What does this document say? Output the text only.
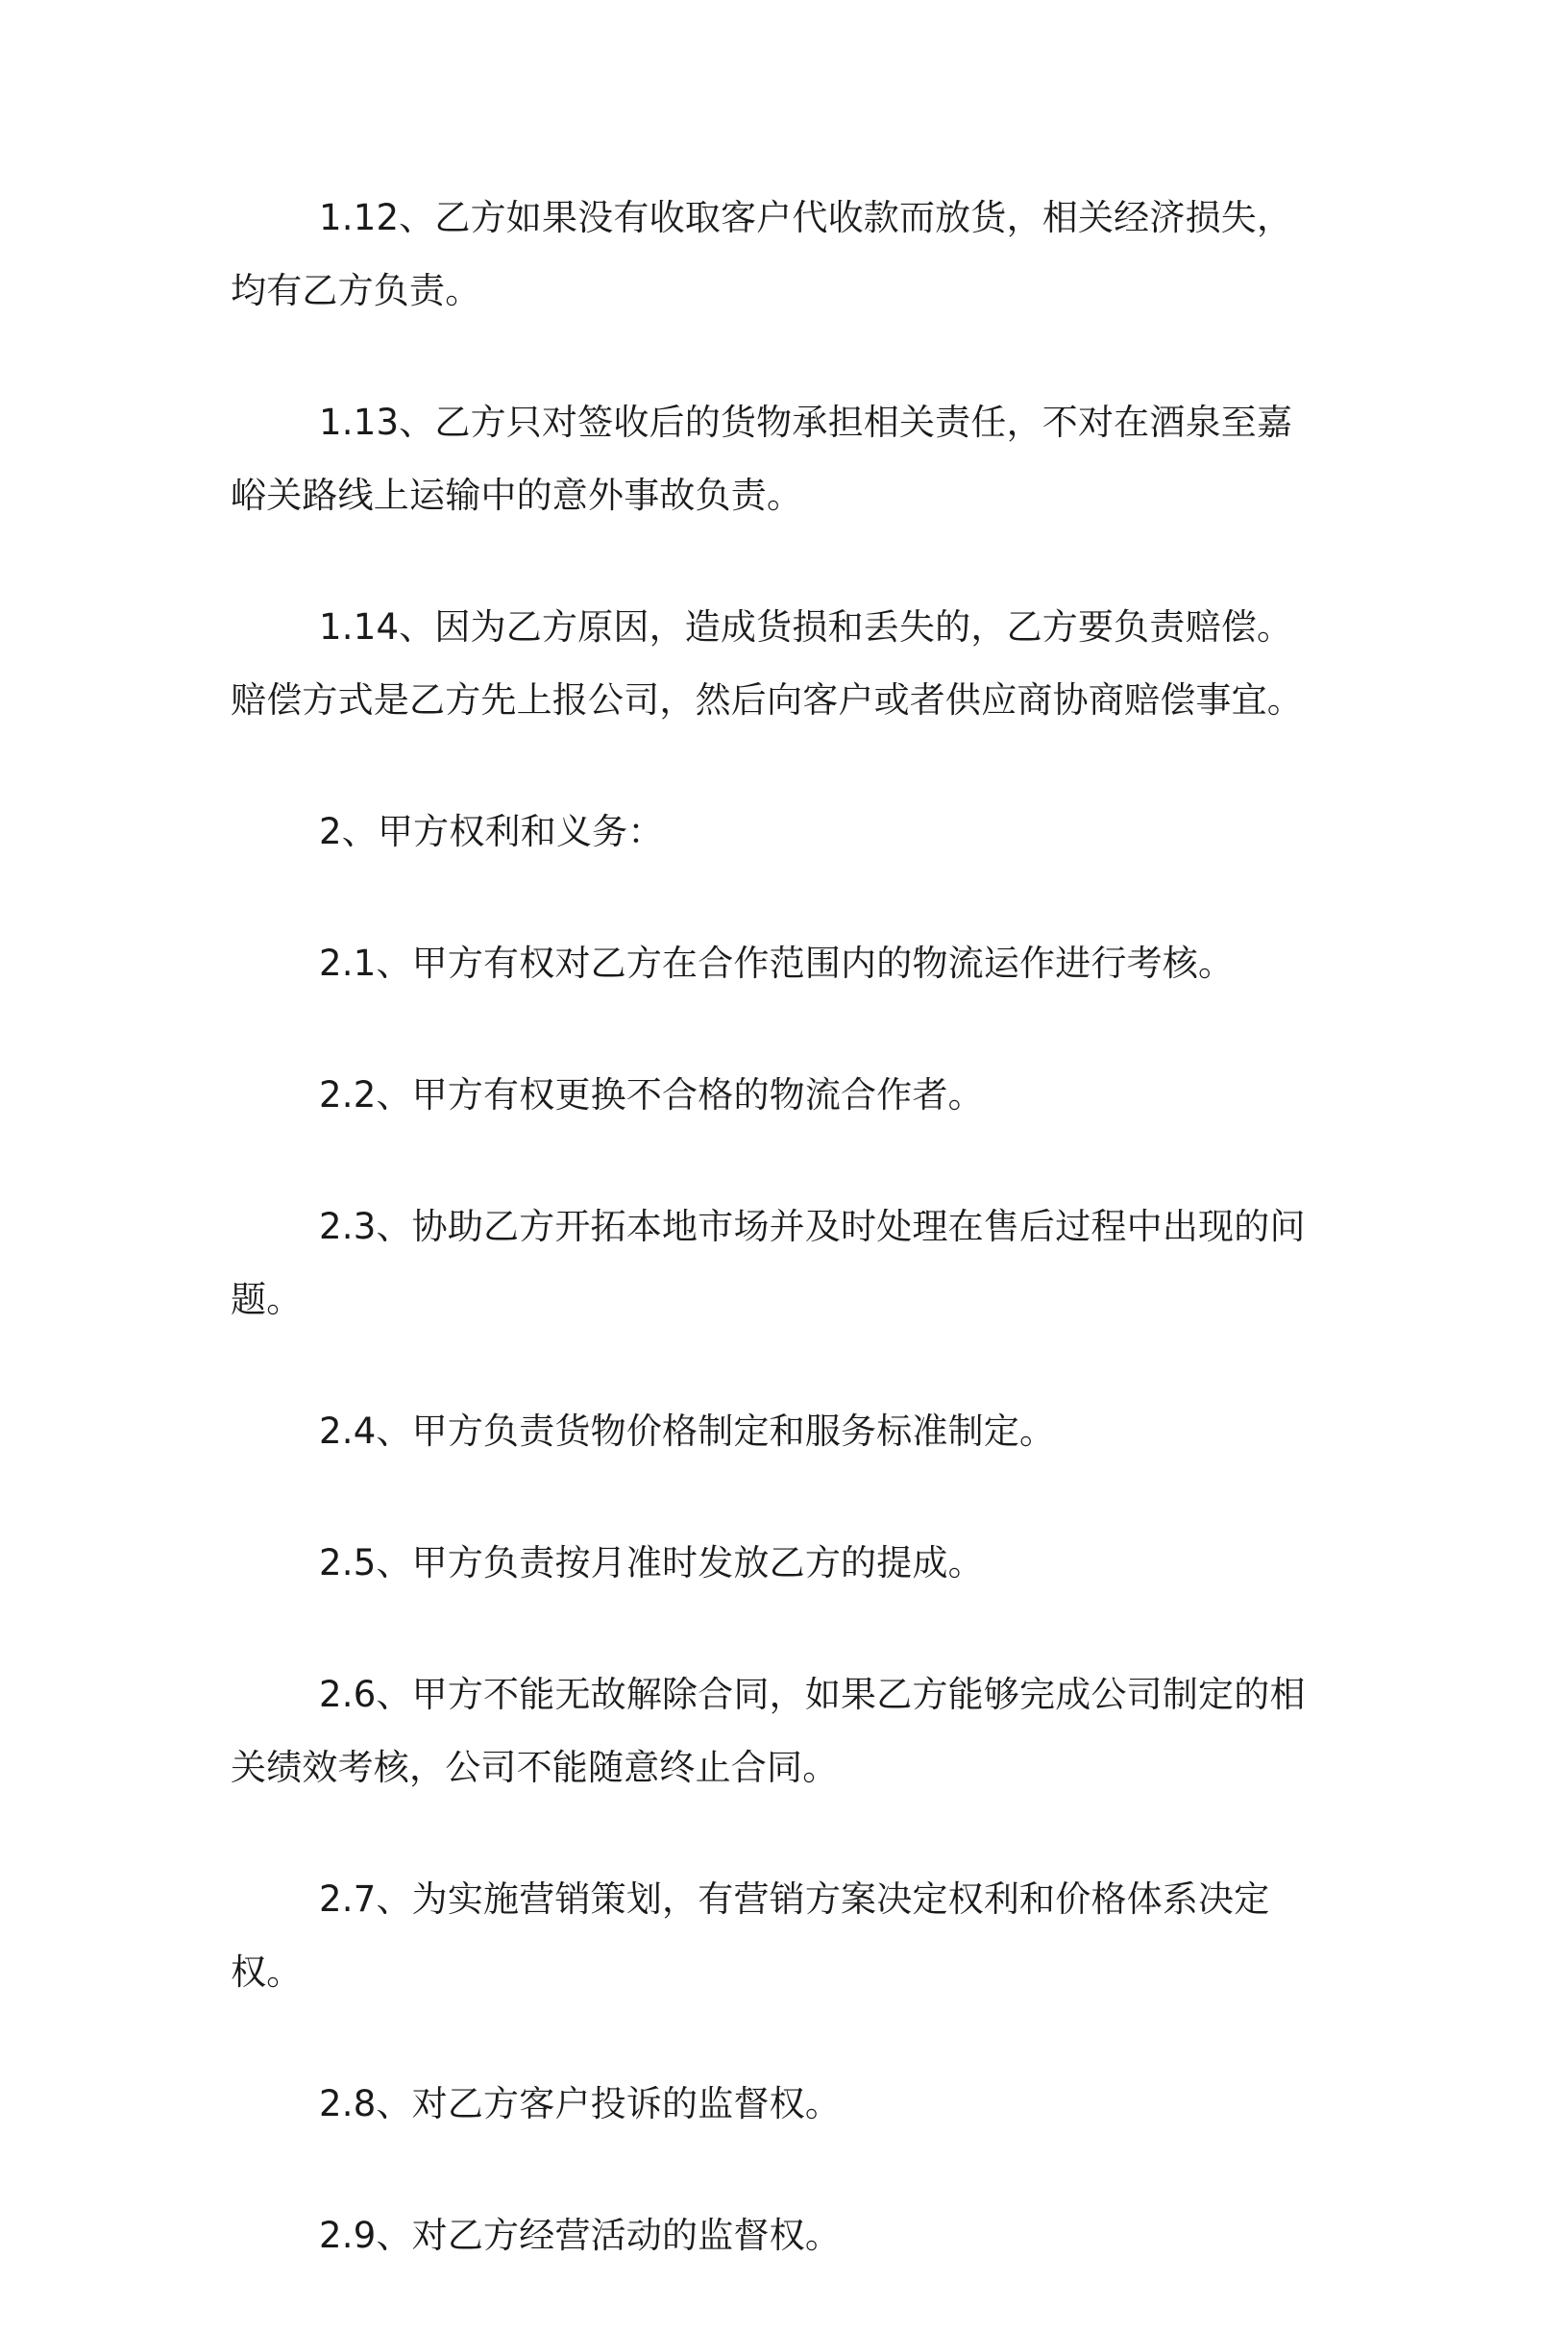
1.12、乙方如果没有收取客户代收款而放货，相关经济损失，均有乙方负责。

1.13、乙方只对签收后的货物承担相关责任，不对在酒泉至嘉峪关路线上运输中的意外事故负责。

1.14、因为乙方原因，造成货损和丢失的，乙方要负责赔偿。赔偿方式是乙方先上报公司，然后向客户或者供应商协商赔偿事宜。

2、甲方权利和义务：

2.1、甲方有权对乙方在合作范围内的物流运作进行考核。

2.2、甲方有权更换不合格的物流合作者。

2.3、协助乙方开拓本地市场并及时处理在售后过程中出现的问题。

2.4、甲方负责货物价格制定和服务标准制定。

2.5、甲方负责按月准时发放乙方的提成。

2.6、甲方不能无故解除合同，如果乙方能够完成公司制定的相关绩效考核，公司不能随意终止合同。

2.7、为实施营销策划，有营销方案决定权利和价格体系决定权。

2.8、对乙方客户投诉的监督权。

2.9、对乙方经营活动的监督权。
